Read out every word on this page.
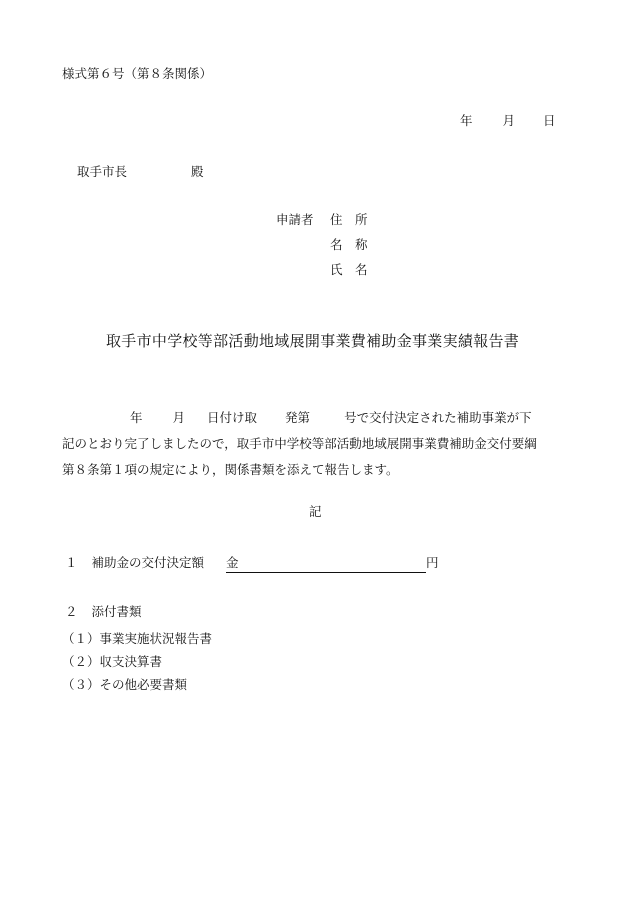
様式第６号（第８条関係）
年 月 日
取手市長	殿
申請者 住　所
名　称
氏　名
取手市中学校等部活動地域展開事業費補助金事業実績報告書
年 月 日付け取 発第	号で交付決定された補助事業が下
記のとおり完了しましたので，取手市中学校等部活動地域展開事業費補助金交付要綱
第８条第１項の規定により，関係書類を添えて報告します。
記
１ 補助金の交付決定額 金	円
２ 添付書類
（１）事業実施状況報告書
（２）収支決算書
（３）その他必要書類
